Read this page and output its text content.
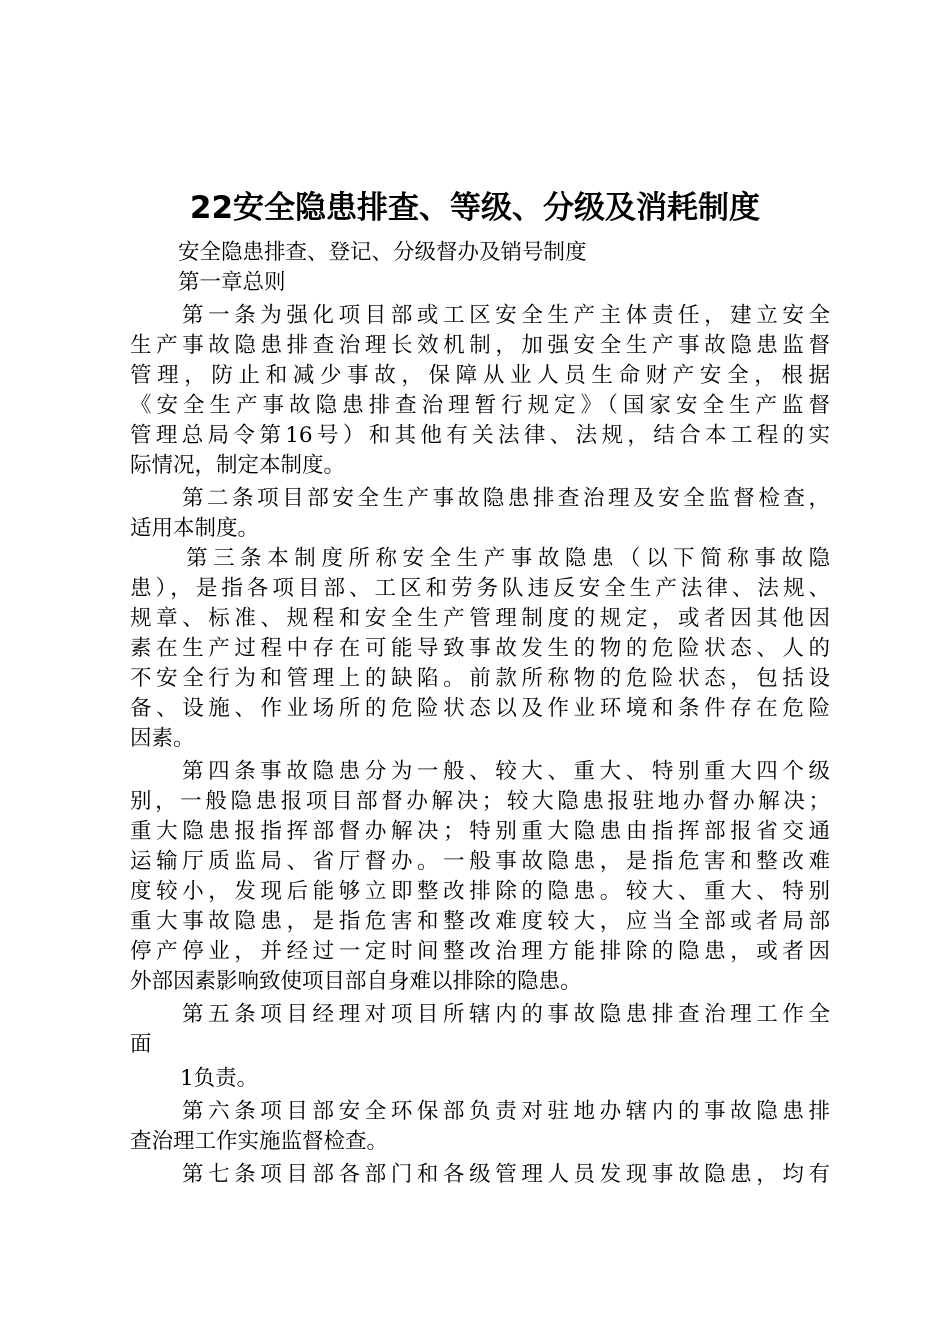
22安全隐患排查、等级、分级及消耗制度
安全隐患排查、登记、分级督办及销号制度
第一章总则
第一条为强化项目部或工区安全生产主体责任，建立安全
生产事故隐患排查治理长效机制，加强安全生产事故隐患监督
管理，防止和减少事故，保障从业人员生命财产安全，根据
《安全生产事故隐患排查治理暂行规定》（国家安全生产监督
管理总局令第16号）和其他有关法律、法规，结合本工程的实
际情况，制定本制度。
第二条项目部安全生产事故隐患排查治理及安全监督检查，
适用本制度。
第三条本制度所称安全生产事故隐患（以下简称事故隐
患），是指各项目部、工区和劳务队违反安全生产法律、法规、
规章、标准、规程和安全生产管理制度的规定，或者因其他因
素在生产过程中存在可能导致事故发生的物的危险状态、人的
不安全行为和管理上的缺陷。前款所称物的危险状态，包括设
备、设施、作业场所的危险状态以及作业环境和条件存在危险
因素。
第四条事故隐患分为一般、较大、重大、特别重大四个级
别，一般隐患报项目部督办解决；较大隐患报驻地办督办解决；
重大隐患报指挥部督办解决；特别重大隐患由指挥部报省交通
运输厅质监局、省厅督办。一般事故隐患，是指危害和整改难
度较小，发现后能够立即整改排除的隐患。较大、重大、特别
重大事故隐患，是指危害和整改难度较大，应当全部或者局部
停产停业，并经过一定时间整改治理方能排除的隐患，或者因
外部因素影响致使项目部自身难以排除的隐患。
第五条项目经理对项目所辖内的事故隐患排查治理工作全
面
1负责。
第六条项目部安全环保部负责对驻地办辖内的事故隐患排
查治理工作实施监督检查。
第七条项目部各部门和各级管理人员发现事故隐患，均有
